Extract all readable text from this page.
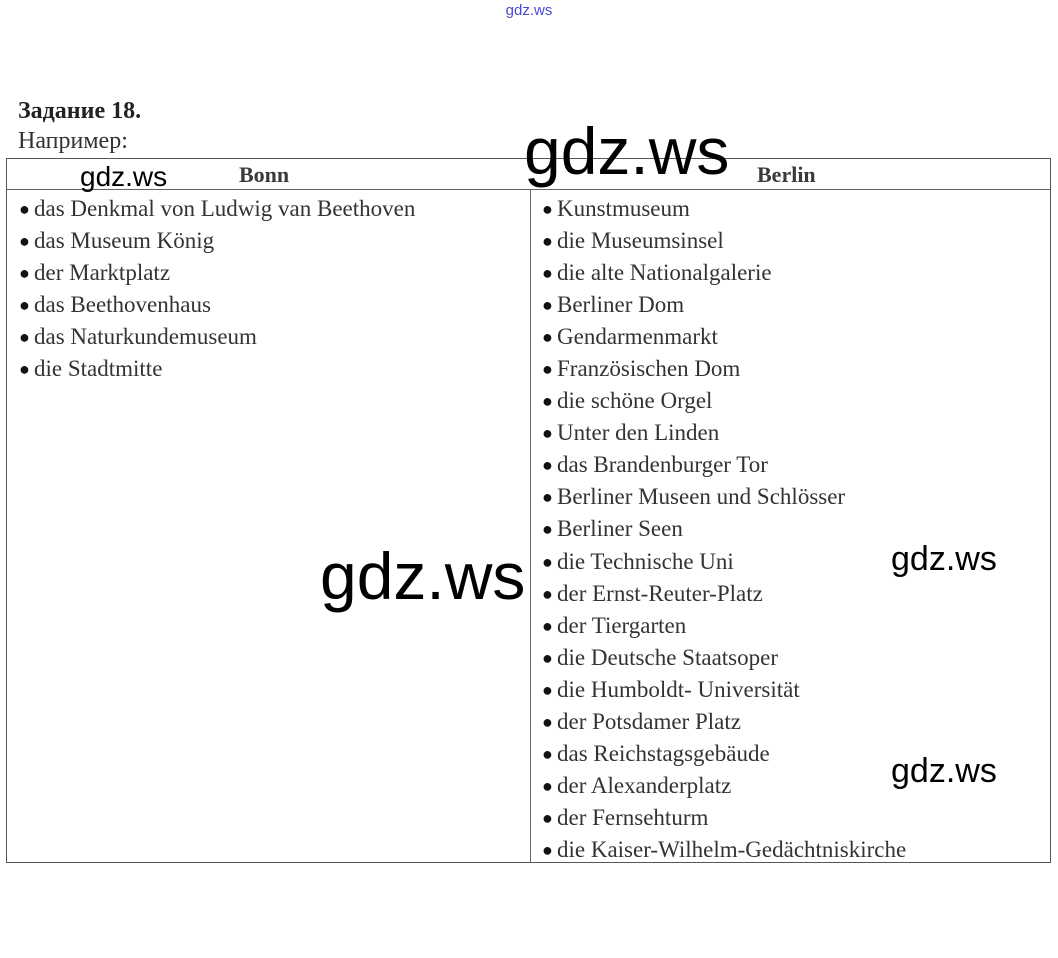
gdz.ws
Задание 18.
Например:
Bonn	Berlin
● das Denkmal von Ludwig van Beethoven
● das Museum König
● der Marktplatz
● das Beethovenhaus
● das Naturkundemuseum
● die Stadtmitte
● Kunstmuseum
● die Museumsinsel
● die alte Nationalgalerie
● Berliner Dom
● Gendarmenmarkt
● Französischen Dom
● die schöne Orgel
● Unter den Linden
● das Brandenburger Tor
● Berliner Museen und Schlösser
● Berliner Seen
● die Technische Uni
● der Ernst-Reuter-Platz
● der Tiergarten
● die Deutsche Staatsoper
● die Humboldt- Universität
● der Potsdamer Platz
● das Reichstagsgebäude
● der Alexanderplatz
● der Fernsehturm
● die Kaiser-Wilhelm-Gedächtniskirche
gdz.ws
gdz.ws
gdz.ws
gdz.ws
gdz.ws
